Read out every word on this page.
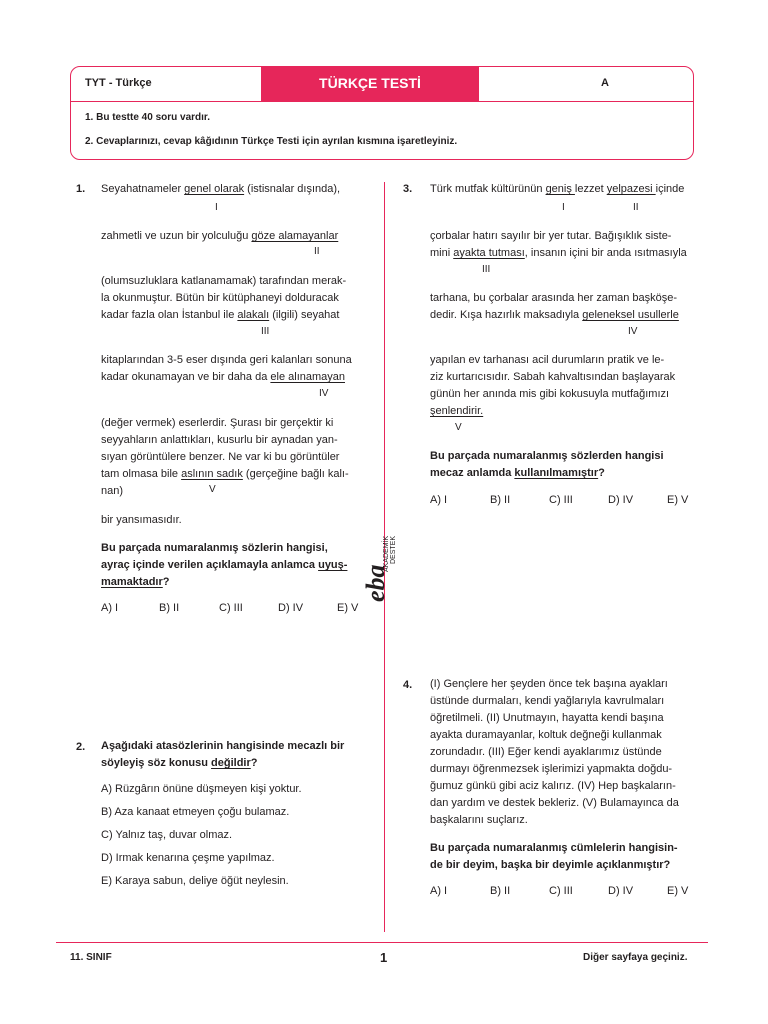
TYT - Türkçe	TÜRKÇE TESTİ	A
1. Bu testte 40 soru vardır.
2. Cevaplarınızı, cevap kâğıdının Türkçe Testi için ayrılan kısmına işaretleyiniz.
1. Seyahatnameler genel olarak (istisnalar dışında),
I
zahmetli ve uzun bir yolculuğu göze alamayanlar
II
(olumsuzluklara katlanamamak) tarafından merak-
la okunmuştur. Bütün bir kütüphaneyi dolduracak
kadar fazla olan İstanbul ile alakalı (ilgili) seyahat
III
kitaplarından 3-5 eser dışında geri kalanları sonuna
kadar okunamayan ve bir daha da ele alınamayan
IV
(değer vermek) eserlerdir. Şurası bir gerçektir ki
seyyahların anlattıkları, kusurlu bir aynadan yan-
sıyan görüntülere benzer. Ne var ki bu görüntüler
tam olmasa bile aslının sadık (gerçeğine bağlı kalı-
nan)	V
bir yansımasıdır.
Bu parçada numaralanmış sözlerin hangisi,
ayraç içinde verilen açıklamayla anlamca uyuş-
mamaktadır?
A) I	B) II	C) III	D) IV	E) V
2. Aşağıdaki atasözlerinin hangisinde mecazlı bir
söyleyiş söz konusu değildir?
A) Rüzgârın önüne düşmeyen kişi yoktur.
B) Aza kanaat etmeyen çoğu bulamaz.
C) Yalnız taş, duvar olmaz.
D) Irmak kenarına çeşme yapılmaz.
E) Karaya sabun, deliye öğüt neylesin.
eba
AKADEMİK DESTEK
3. Türk mutfak kültürünün geniş lezzet yelpazesi içinde
I	II
çorbalar hatırı sayılır bir yer tutar. Bağışıklık siste-
mini ayakta tutması, insanın içini bir anda ısıtmasıyla
III
tarhana, bu çorbalar arasında her zaman başköşe-
dedir. Kışa hazırlık maksadıyla geleneksel usullerle
IV
yapılan ev tarhanası acil durumların pratik ve le-
ziz kurtarıcısıdır. Sabah kahvaltısından başlayarak
günün her anında mis gibi kokusuyla mutfağımızı
şenlendirir.
V
Bu parçada numaralanmış sözlerden hangisi
mecaz anlamda kullanılmamıştır?
A) I	B) II	C) III	D) IV	E) V
4. (I) Gençlere her şeyden önce tek başına ayakları
üstünde durmaları, kendi yağlarıyla kavrulmaları
öğretilmeli. (II) Unutmayın, hayatta kendi başına
ayakta duramayanlar, koltuk değneği kullanmak
zorundadır. (III) Eğer kendi ayaklarımız üstünde
durmayı öğrenmezsek işlerimizi yapmakta doğdu-
ğumuz günkü gibi aciz kalırız. (IV) Hep başkaların-
dan yardım ve destek bekleriz. (V) Bulamayınca da
başkalarını suçlarız.
Bu parçada numaralanmış cümlelerin hangisin-
de bir deyim, başka bir deyimle açıklanmıştır?
A) I	B) II	C) III	D) IV	E) V
11. SINIF	1	Diğer sayfaya geçiniz.
